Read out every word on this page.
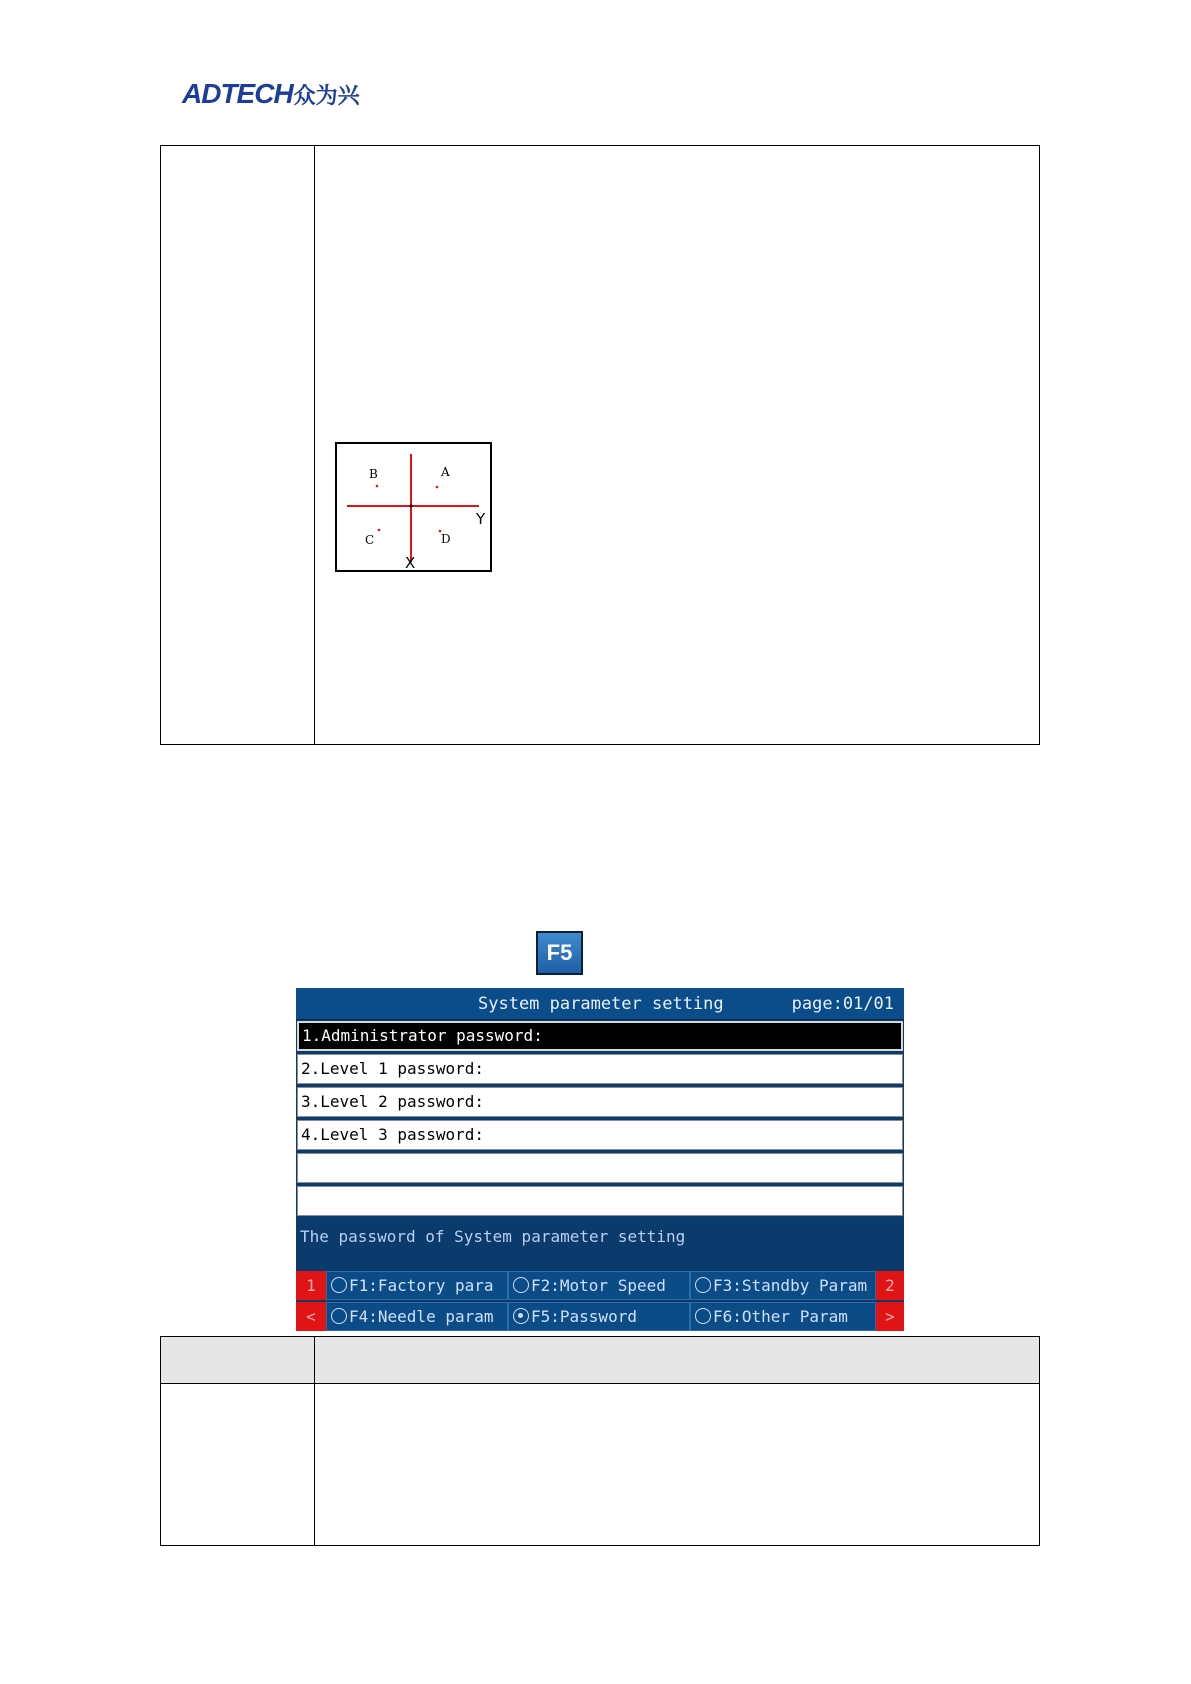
ADTECH 众为兴
B	A
C	D
Y
X
F5
System parameter setting	page:01/01
1.Administrator password:
2.Level 1 password:
3.Level 2 password:
4.Level 3 password:
The password of System parameter setting
1
<
F1:Factory para F2:Motor Speed	F3:Standby Param
F4:Needle param F5:Password	F6:Other Param
2
>
